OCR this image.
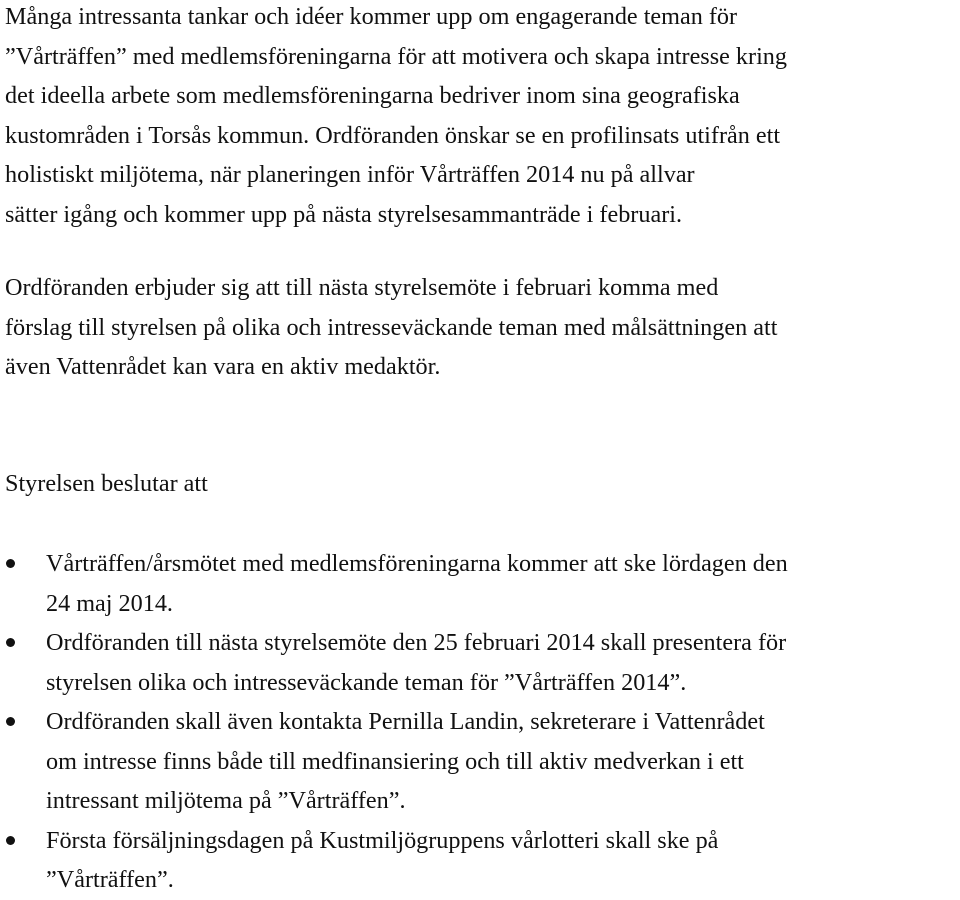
Många intressanta tankar och idéer kommer upp om engagerande teman för
”Vårträffen” med medlemsföreningarna för att motivera och skapa intresse kring
det ideella arbete som medlemsföreningarna bedriver inom sina geografiska
kustområden i Torsås kommun. Ordföranden önskar se en profilinsats utifrån ett
holistiskt miljötema, när planeringen inför Vårträffen 2014 nu på allvar
sätter igång och kommer upp på nästa styrelsesammanträde i februari.

Ordföranden erbjuder sig att till nästa styrelsemöte i februari komma med
förslag till styrelsen på olika och intresseväckande teman med målsättningen att
även Vattenrådet kan vara en aktiv medaktör.

Styrelsen beslutar att
Vårträffen/årsmötet med medlemsföreningarna kommer att ske lördagen den
24 maj 2014.
Ordföranden till nästa styrelsemöte den 25 februari 2014 skall presentera för
styrelsen olika och intresseväckande teman för ”Vårträffen 2014”.
Ordföranden skall även kontakta Pernilla Landin, sekreterare i Vattenrådet
om intresse finns både till medfinansiering och till aktiv medverkan i ett
intressant miljötema på ”Vårträffen”.
Första försäljningsdagen på Kustmiljögruppens vårlotteri skall ske på
”Vårträffen”.
